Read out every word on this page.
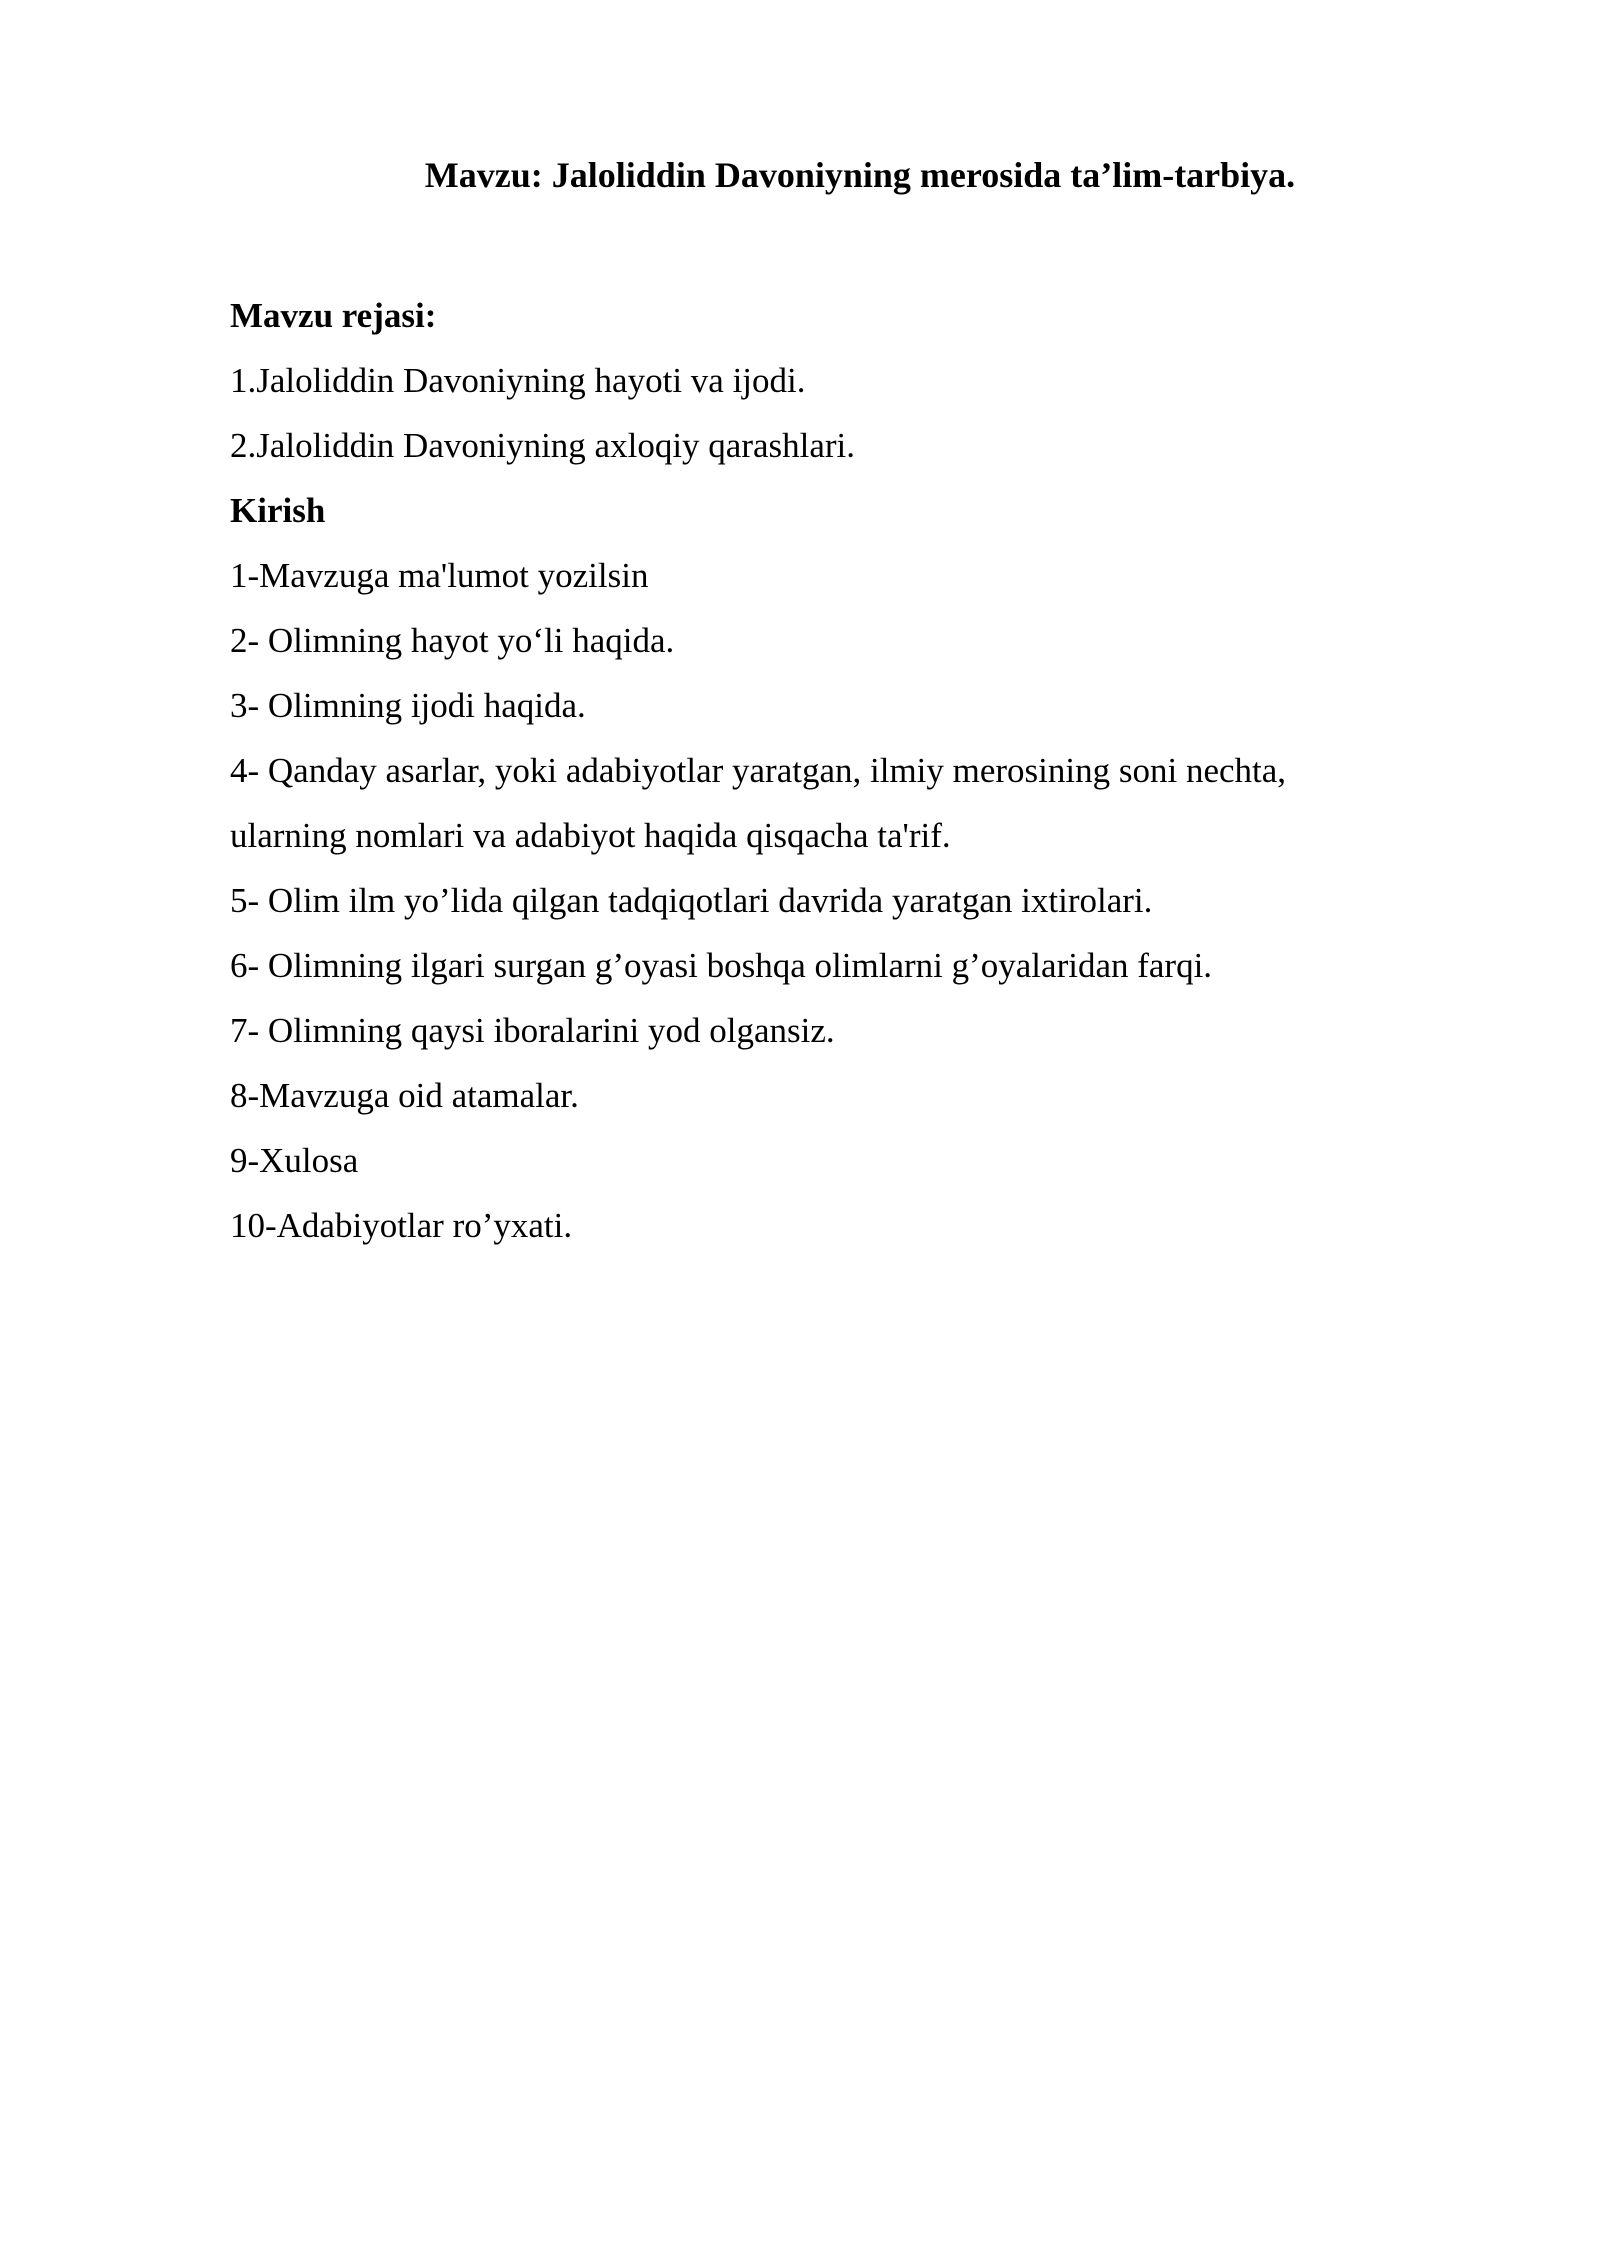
Mavzu: Jaloliddin Davoniyning merosida ta’lim-tarbiya.

Mavzu rejasi:

1.Jaloliddin Davoniyning hayoti va ijodi.

2.Jaloliddin Davoniyning axloqiy qarashlari.

Kirish

1-Mavzuga ma'lumot yozilsin

2- Olimning hayot yo‘li haqida.

3- Olimning ijodi haqida.

4- Qanday asarlar, yoki adabiyotlar yaratgan, ilmiy merosining soni nechta,

ularning nomlari va adabiyot haqida qisqacha ta'rif.

5- Olim ilm yo’lida qilgan tadqiqotlari davrida yaratgan ixtirolari.

6- Olimning ilgari surgan g’oyasi boshqa olimlarni g’oyalaridan farqi.

7- Olimning qaysi iboralarini yod olgansiz.

8-Mavzuga oid atamalar.

9-Xulosa

10-Adabiyotlar ro’yxati.
